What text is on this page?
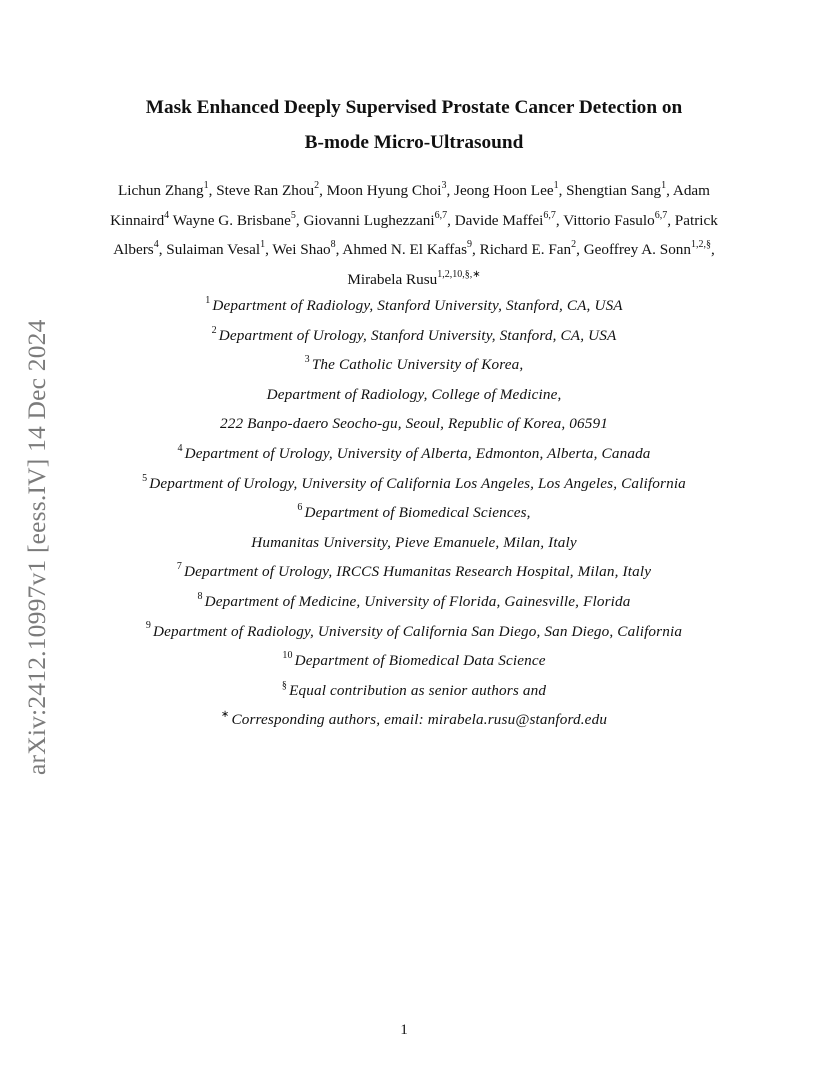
arXiv:2412.10997v1 [eess.IV] 14 Dec 2024
Mask Enhanced Deeply Supervised Prostate Cancer Detection on
B-mode Micro-Ultrasound
Lichun Zhang$^1$, Steve Ran Zhou$^2$, Moon Hyung Choi$^3$, Jeong Hoon Lee$^1$, Shengtian Sang$^1$, Adam Kinnaird$^4$ Wayne G. Brisbane$^5$, Giovanni Lughezzani$^{6,7}$, Davide Maffei$^{6,7}$, Vittorio Fasulo$^{6,7}$, Patrick Albers$^4$, Sulaiman Vesal$^1$, Wei Shao$^8$, Ahmed N. El Kaffas$^9$, Richard E. Fan$^2$, Geoffrey A. Sonn$^{1,2,\S}$, Mirabela Rusu$^{1,2,10,\S,∗}$
$^1$ Department of Radiology, Stanford University, Stanford, CA, USA
$^2$ Department of Urology, Stanford University, Stanford, CA, USA
$^3$ The Catholic University of Korea,
Department of Radiology, College of Medicine,
222 Banpo-daero Seocho-gu, Seoul, Republic of Korea, 06591
$^4$ Department of Urology, University of Alberta, Edmonton, Alberta, Canada
$^5$ Department of Urology, University of California Los Angeles, Los Angeles, California
$^6$ Department of Biomedical Sciences,
Humanitas University, Pieve Emanuele, Milan, Italy
$^7$ Department of Urology, IRCCS Humanitas Research Hospital, Milan, Italy
$^8$ Department of Medicine, University of Florida, Gainesville, Florida
$^9$ Department of Radiology, University of California San Diego, San Diego, California
$^{10}$ Department of Biomedical Data Science
§ Equal contribution as senior authors and
∗ Corresponding authors, email: mirabela.rusu@stanford.edu
1
